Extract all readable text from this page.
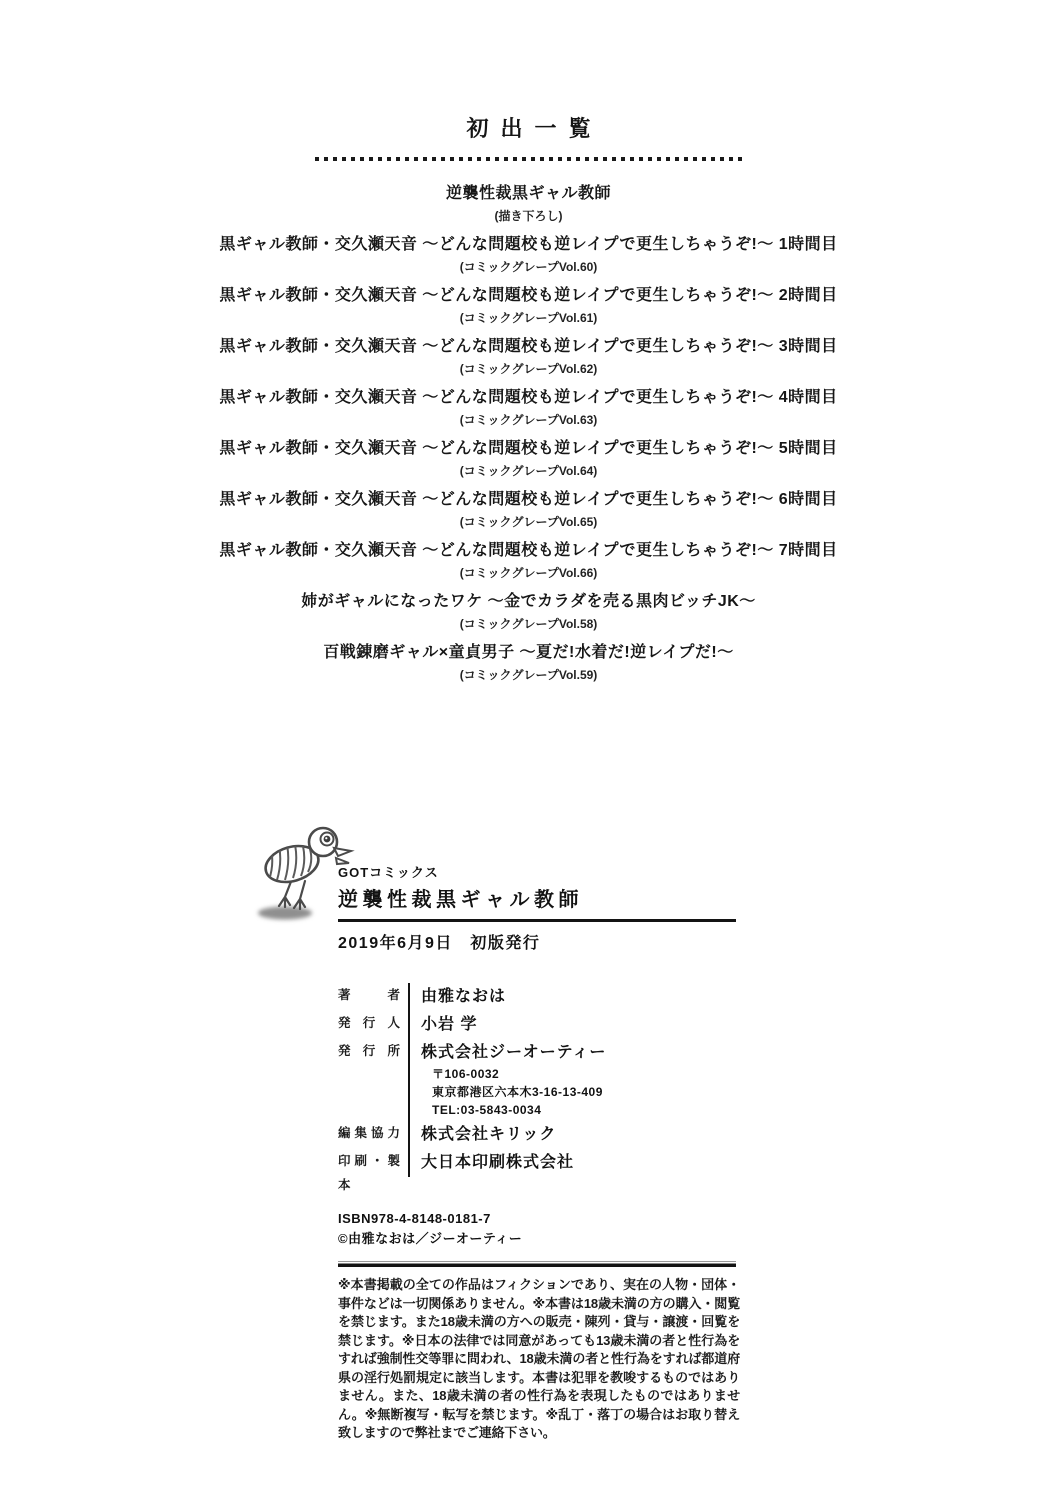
初出一覧
逆襲性裁黒ギャル教師
(描き下ろし)
黒ギャル教師・交久瀬天音 ～どんな問題校も逆レイプで更生しちゃうぞ!～ 1時間目
(コミックグレープVol.60)
黒ギャル教師・交久瀬天音 ～どんな問題校も逆レイプで更生しちゃうぞ!～ 2時間目
(コミックグレープVol.61)
黒ギャル教師・交久瀬天音 ～どんな問題校も逆レイプで更生しちゃうぞ!～ 3時間目
(コミックグレープVol.62)
黒ギャル教師・交久瀬天音 ～どんな問題校も逆レイプで更生しちゃうぞ!～ 4時間目
(コミックグレープVol.63)
黒ギャル教師・交久瀬天音 ～どんな問題校も逆レイプで更生しちゃうぞ!～ 5時間目
(コミックグレープVol.64)
黒ギャル教師・交久瀬天音 ～どんな問題校も逆レイプで更生しちゃうぞ!～ 6時間目
(コミックグレープVol.65)
黒ギャル教師・交久瀬天音 ～どんな問題校も逆レイプで更生しちゃうぞ!～ 7時間目
(コミックグレープVol.66)
姉がギャルになったワケ ～金でカラダを売る黒肉ビッチJK～
(コミックグレープVol.58)
百戦錬磨ギャル×童貞男子 ～夏だ!水着だ!逆レイプだ!～
(コミックグレープVol.59)
GOTコミックス
逆襲性裁黒ギャル教師
2019年6月9日　初版発行
著者	由雅なおは
発行人	小岩 学
発行所 株式会社ジーオーティー
〒106-0032
東京都港区六本木3-16-13-409
TEL:03-5843-0034
編集協力	株式会社キリック
印刷・製本
大日本印刷株式会社
ISBN978-4-8148-0181-7
©由雅なおは／ジーオーティー

※本書掲載の全ての作品はフィクションであり、実在の人物・団体・事件などは一切関係ありません。※本書は18歳未満の方の購入・閲覧を禁じます。また18歳未満の方への販売・陳列・貸与・譲渡・回覧を禁じます。※日本の法律では同意があっても13歳未満の者と性行為をすれば強制性交等罪に問われ、18歳未満の者と性行為をすれば都道府県の淫行処罰規定に該当します。本書は犯罪を教唆するものではありません。また、18歳未満の者の性行為を表現したものではありません。※無断複写・転写を禁じます。※乱丁・落丁の場合はお取り替え致しますので弊社までご連絡下さい。
